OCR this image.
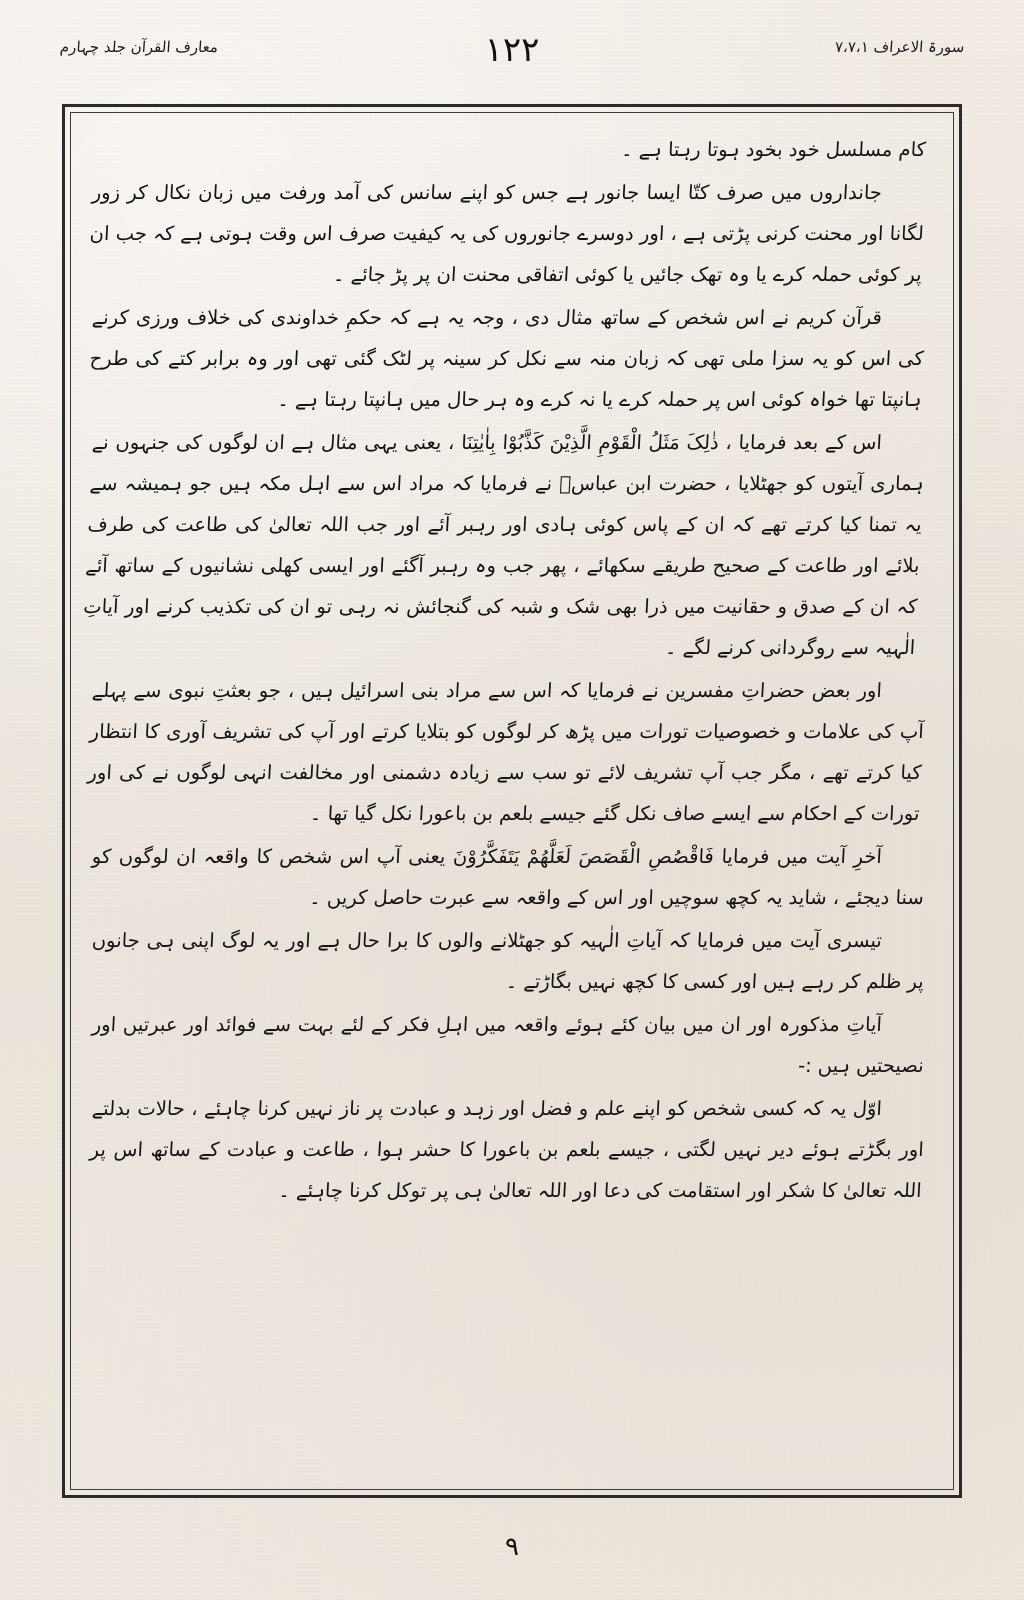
سورۃ الاعراف ۷،۷،۱
معارف القرآن جلد چہارم	۱۲۲

کام مسلسل خود بخود ہوتا رہتا ہے ۔

جانداروں میں صرف کتّا ایسا جانور ہے جس کو اپنے سانس کی آمد ورفت میں زبان نکال کر زور لگانا اور محنت کرنی پڑتی ہے ، اور دوسرے جانوروں کی یہ کیفیت صرف اس وقت ہوتی ہے کہ جب ان پر کوئی حملہ کرے یا وہ تھک جائیں یا کوئی اتفاقی محنت ان پر پڑ جائے ۔

قرآن کریم نے اس شخص کے ساتھ مثال دی ، وجہ یہ ہے کہ حکمِ خداوندی کی خلاف ورزی کرنے کی اس کو یہ سزا ملی تھی کہ زبان منہ سے نکل کر سینہ پر لٹک گئی تھی اور وہ برابر کتے کی طرح ہانپتا تھا خواہ کوئی اس پر حملہ کرے یا نہ کرے وہ ہر حال میں ہانپتا رہتا ہے ۔

اس کے بعد فرمایا ، ذٰلِکَ مَثَلُ الْقَوْمِ الَّذِیْنَ کَذَّبُوْا بِاٰیٰتِنَا ، یعنی یہی مثال ہے ان لوگوں کی جنہوں نے ہماری آیتوں کو جھٹلایا ، حضرت ابن عباسؓ نے فرمایا کہ مراد اس سے اہل مکہ ہیں جو ہمیشہ سے یہ تمنا کیا کرتے تھے کہ ان کے پاس کوئی ہادی اور رہبر آئے اور جب اللہ تعالیٰ کی طاعت کی طرف بلائے اور طاعت کے صحیح طریقے سکھائے ، پھر جب وہ رہبر آگئے اور ایسی کھلی نشانیوں کے ساتھ آئے کہ ان کے صدق و حقانیت میں ذرا بھی شک و شبہ کی گنجائش نہ رہی تو ان کی تکذیب کرنے اور آیاتِ الٰہیہ سے روگردانی کرنے لگے ۔

اور بعض حضراتِ مفسرین نے فرمایا کہ اس سے مراد بنی اسرائیل ہیں ، جو بعثتِ نبوی سے پہلے آپ کی علامات و خصوصیات تورات میں پڑھ کر لوگوں کو بتلایا کرتے اور آپ کی تشریف آوری کا انتظار کیا کرتے تھے ، مگر جب آپ تشریف لائے تو سب سے زیادہ دشمنی اور مخالفت انہی لوگوں نے کی اور تورات کے احکام سے ایسے صاف نکل گئے جیسے بلعم بن باعورا نکل گیا تھا ۔

آخرِ آیت میں فرمایا فَاقْصُصِ الْقَصَصَ لَعَلَّهُمْ یَتَفَکَّرُوْنَ یعنی آپ اس شخص کا واقعہ ان لوگوں کو سنا دیجئے ، شاید یہ کچھ سوچیں اور اس کے واقعہ سے عبرت حاصل کریں ۔

تیسری آیت میں فرمایا کہ آیاتِ الٰہیہ کو جھٹلانے والوں کا برا حال ہے اور یہ لوگ اپنی ہی جانوں پر ظلم کر رہے ہیں اور کسی کا کچھ نہیں بگاڑتے ۔

آیاتِ مذکورہ اور ان میں بیان کئے ہوئے واقعہ میں اہلِ فکر کے لئے بہت سے فوائد اور عبرتیں اور نصیحتیں ہیں :-

اوّل یہ کہ کسی شخص کو اپنے علم و فضل اور زہد و عبادت پر ناز نہیں کرنا چاہئے ، حالات بدلتے اور بگڑتے ہوئے دیر نہیں لگتی ، جیسے بلعم بن باعورا کا حشر ہوا ، طاعت و عبادت کے ساتھ اس پر اللہ تعالیٰ کا شکر اور استقامت کی دعا اور اللہ تعالیٰ ہی پر توکل کرنا چاہئے ۔

۹
